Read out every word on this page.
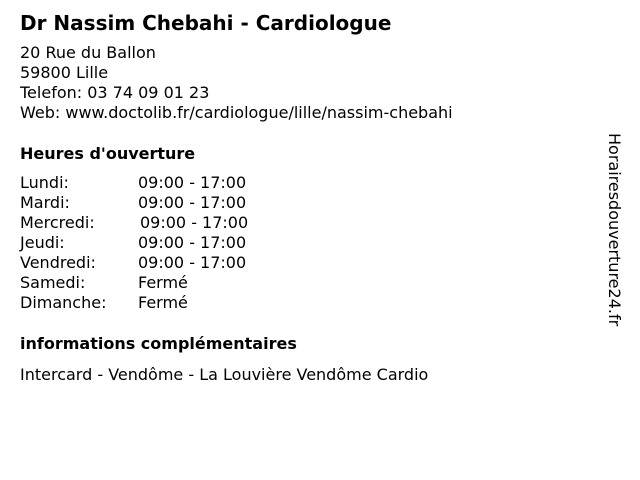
Dr Nassim Chebahi - Cardiologue
20 Rue du Ballon
59800 Lille
Telefon: 03 74 09 01 23
Web: www.doctolib.fr/cardiologue/lille/nassim-chebahi
Heures d'ouverture
Lundi:	09:00 - 17:00
Mardi:	09:00 - 17:00
Mercredi:	09:00 - 17:00
Jeudi:	09:00 - 17:00
Vendredi:	09:00 - 17:00
Samedi:	Fermé
Dimanche: Fermé
informations complémentaires
Intercard - Vendôme - La Louvière Vendôme Cardio
Horairesdouverture24.fr
